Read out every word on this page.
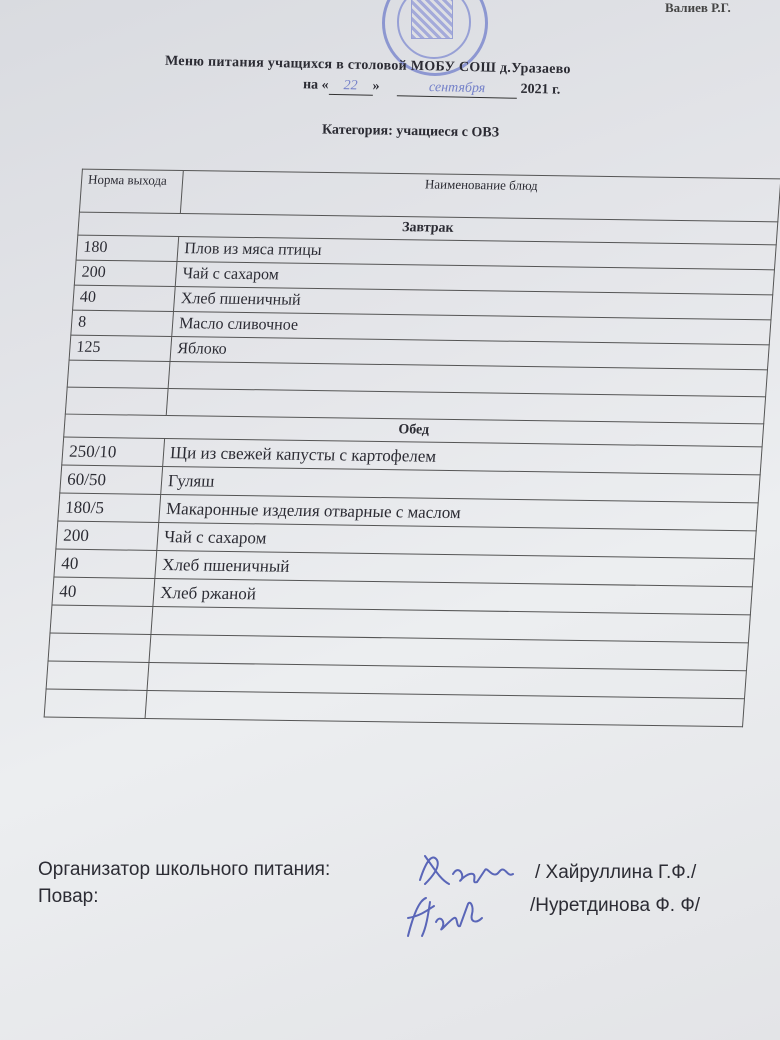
Валиев Р.Г.
Меню питания учащихся в столовой МОБУ СОШ д.Уразаево
на « 22 »	сентября	2021 г.
Категория: учащиеся с ОВЗ
Норма выхода	Наименование блюд
Завтрак	
180	Плов из мяса птицы
200	Чай с сахаром
40	Хлеб пшеничный
8	Масло сливочное
125	Яблоко

Обед	
250/10	Щи из свежей капусты с картофелем
60/50	Гуляш
180/5	Макаронные изделия отварные с маслом
200	Чай с сахаром
40	Хлеб пшеничный
40	Хлеб ржаной

Организатор школьного питания:
Повар:
/ Хайруллина Г.Ф./
/Нуретдинова Ф. Ф/
